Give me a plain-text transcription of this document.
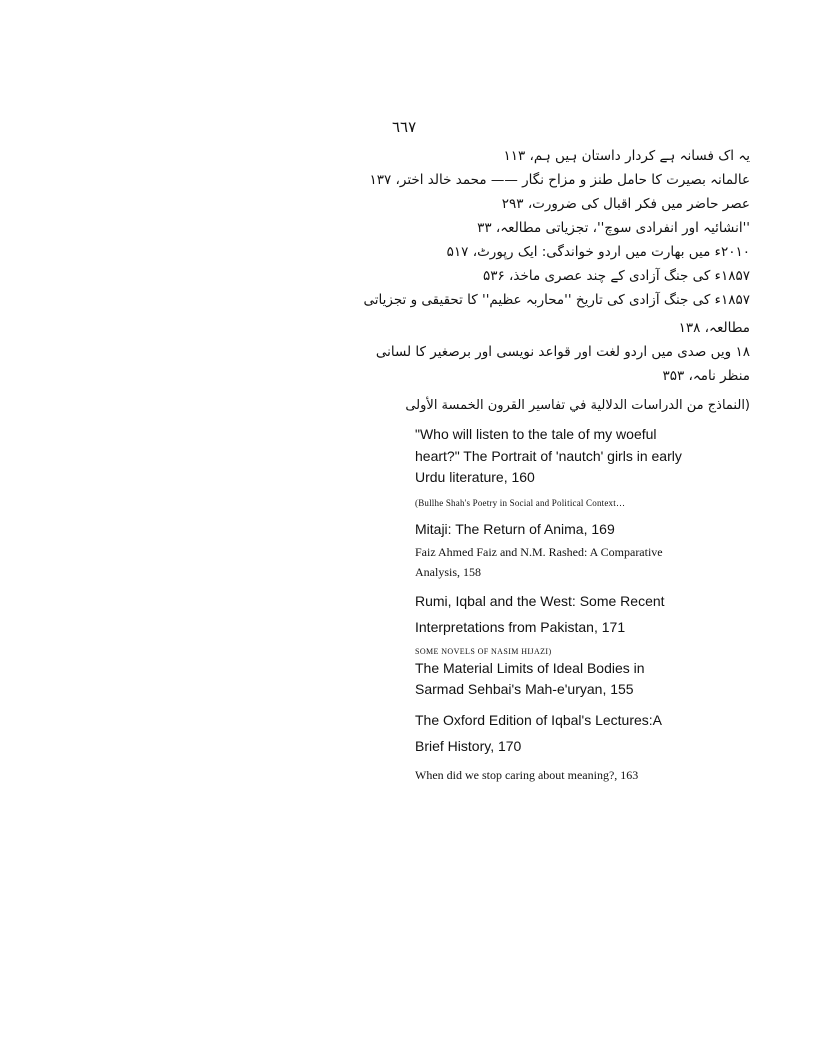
٦٦٧
یہ اک فسانہ ہے کردار داستان ہیں ہم، ۱۱۳
عالمانہ بصیرت کا حامل طنز و مزاح نگار —— محمد خالد اختر، ۱۳۷
عصر حاضر میں فکر اقبال کی ضرورت، ۲۹۳
''انشائیہ اور انفرادی سوچ''، تجزیاتی مطالعہ، ۳۳
۲۰۱۰ء میں بھارت میں اردو خواندگی: ایک رپورٹ، ۵۱۷
۱۸۵۷ء کی جنگ آزادی کے چند عصری ماخذ، ۵۳۶
۱۸۵۷ء کی جنگ آزادی کی تاریخ ''محاربہ عظیم'' کا تحقیقی و تجزیاتی
مطالعہ، ۱۳۸
۱۸ ویں صدی میں اردو لغت اور قواعد نویسی اور برصغیر کا لسانی
منظر نامہ، ۳۵۳
(النماذج من الدراسات الدلالية في تفاسير القرون الخمسة الأولى
"Who will listen to the tale of my woeful
heart?" The Portrait of 'nautch' girls in early
Urdu literature, 160
(Bullhe Shah's Poetry in Social and Political Context…
Mitaji: The Return of Anima, 169
Faiz Ahmed Faiz and N.M. Rashed: A Comparative
Analysis, 158
Rumi, Iqbal and the West: Some Recent
Interpretations from Pakistan, 171
SOME NOVELS OF NASIM HIJAZI)
The Material Limits of Ideal Bodies in
Sarmad Sehbai's Mah-e'uryan, 155
The Oxford Edition of Iqbal's Lectures:A
Brief History, 170
When did we stop caring about meaning?, 163
